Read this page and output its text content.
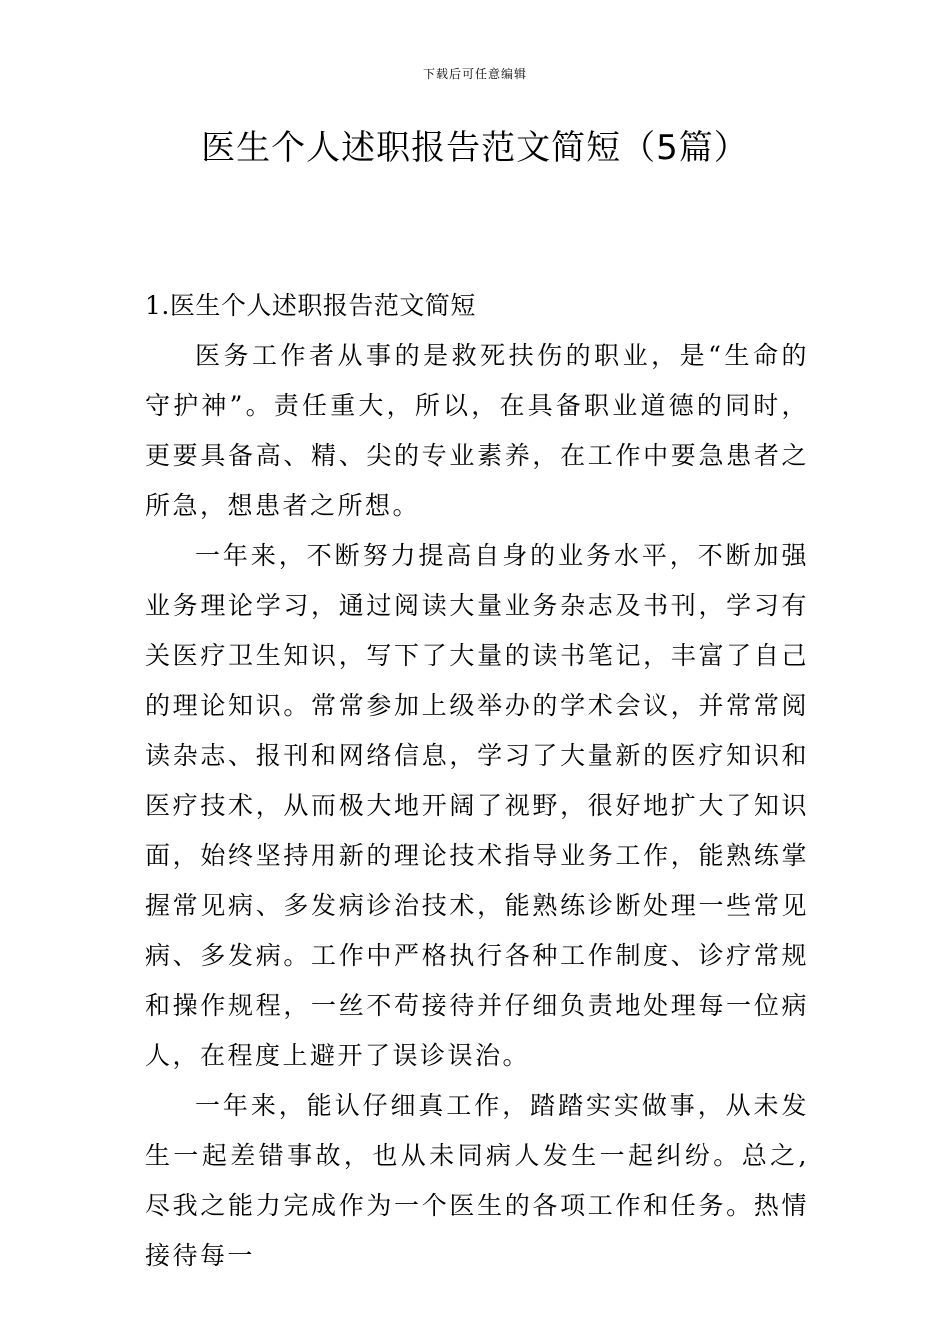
下载后可任意编辑
医生个人述职报告范文简短（5篇）

1.医生个人述职报告范文简短

医务工作者从事的是救死扶伤的职业，是“生命的守护神”。责任重大，所以，在具备职业道德的同时，更要具备高、精、尖的专业素养，在工作中要急患者之所急，想患者之所想。

一年来，不断努力提高自身的业务水平，不断加强业务理论学习，通过阅读大量业务杂志及书刊，学习有关医疗卫生知识，写下了大量的读书笔记，丰富了自己的理论知识。常常参加上级举办的学术会议，并常常阅读杂志、报刊和网络信息，学习了大量新的医疗知识和医疗技术，从而极大地开阔了视野，很好地扩大了知识面，始终坚持用新的理论技术指导业务工作，能熟练掌握常见病、多发病诊治技术，能熟练诊断处理一些常见病、多发病。工作中严格执行各种工作制度、诊疗常规和操作规程，一丝不苟接待并仔细负责地处理每一位病人，在程度上避开了误诊误治。

一年来，能认仔细真工作，踏踏实实做事，从未发生一起差错事故，也从未同病人发生一起纠纷。总之,尽我之能力完成作为一个医生的各项工作和任务。热情接待每一
